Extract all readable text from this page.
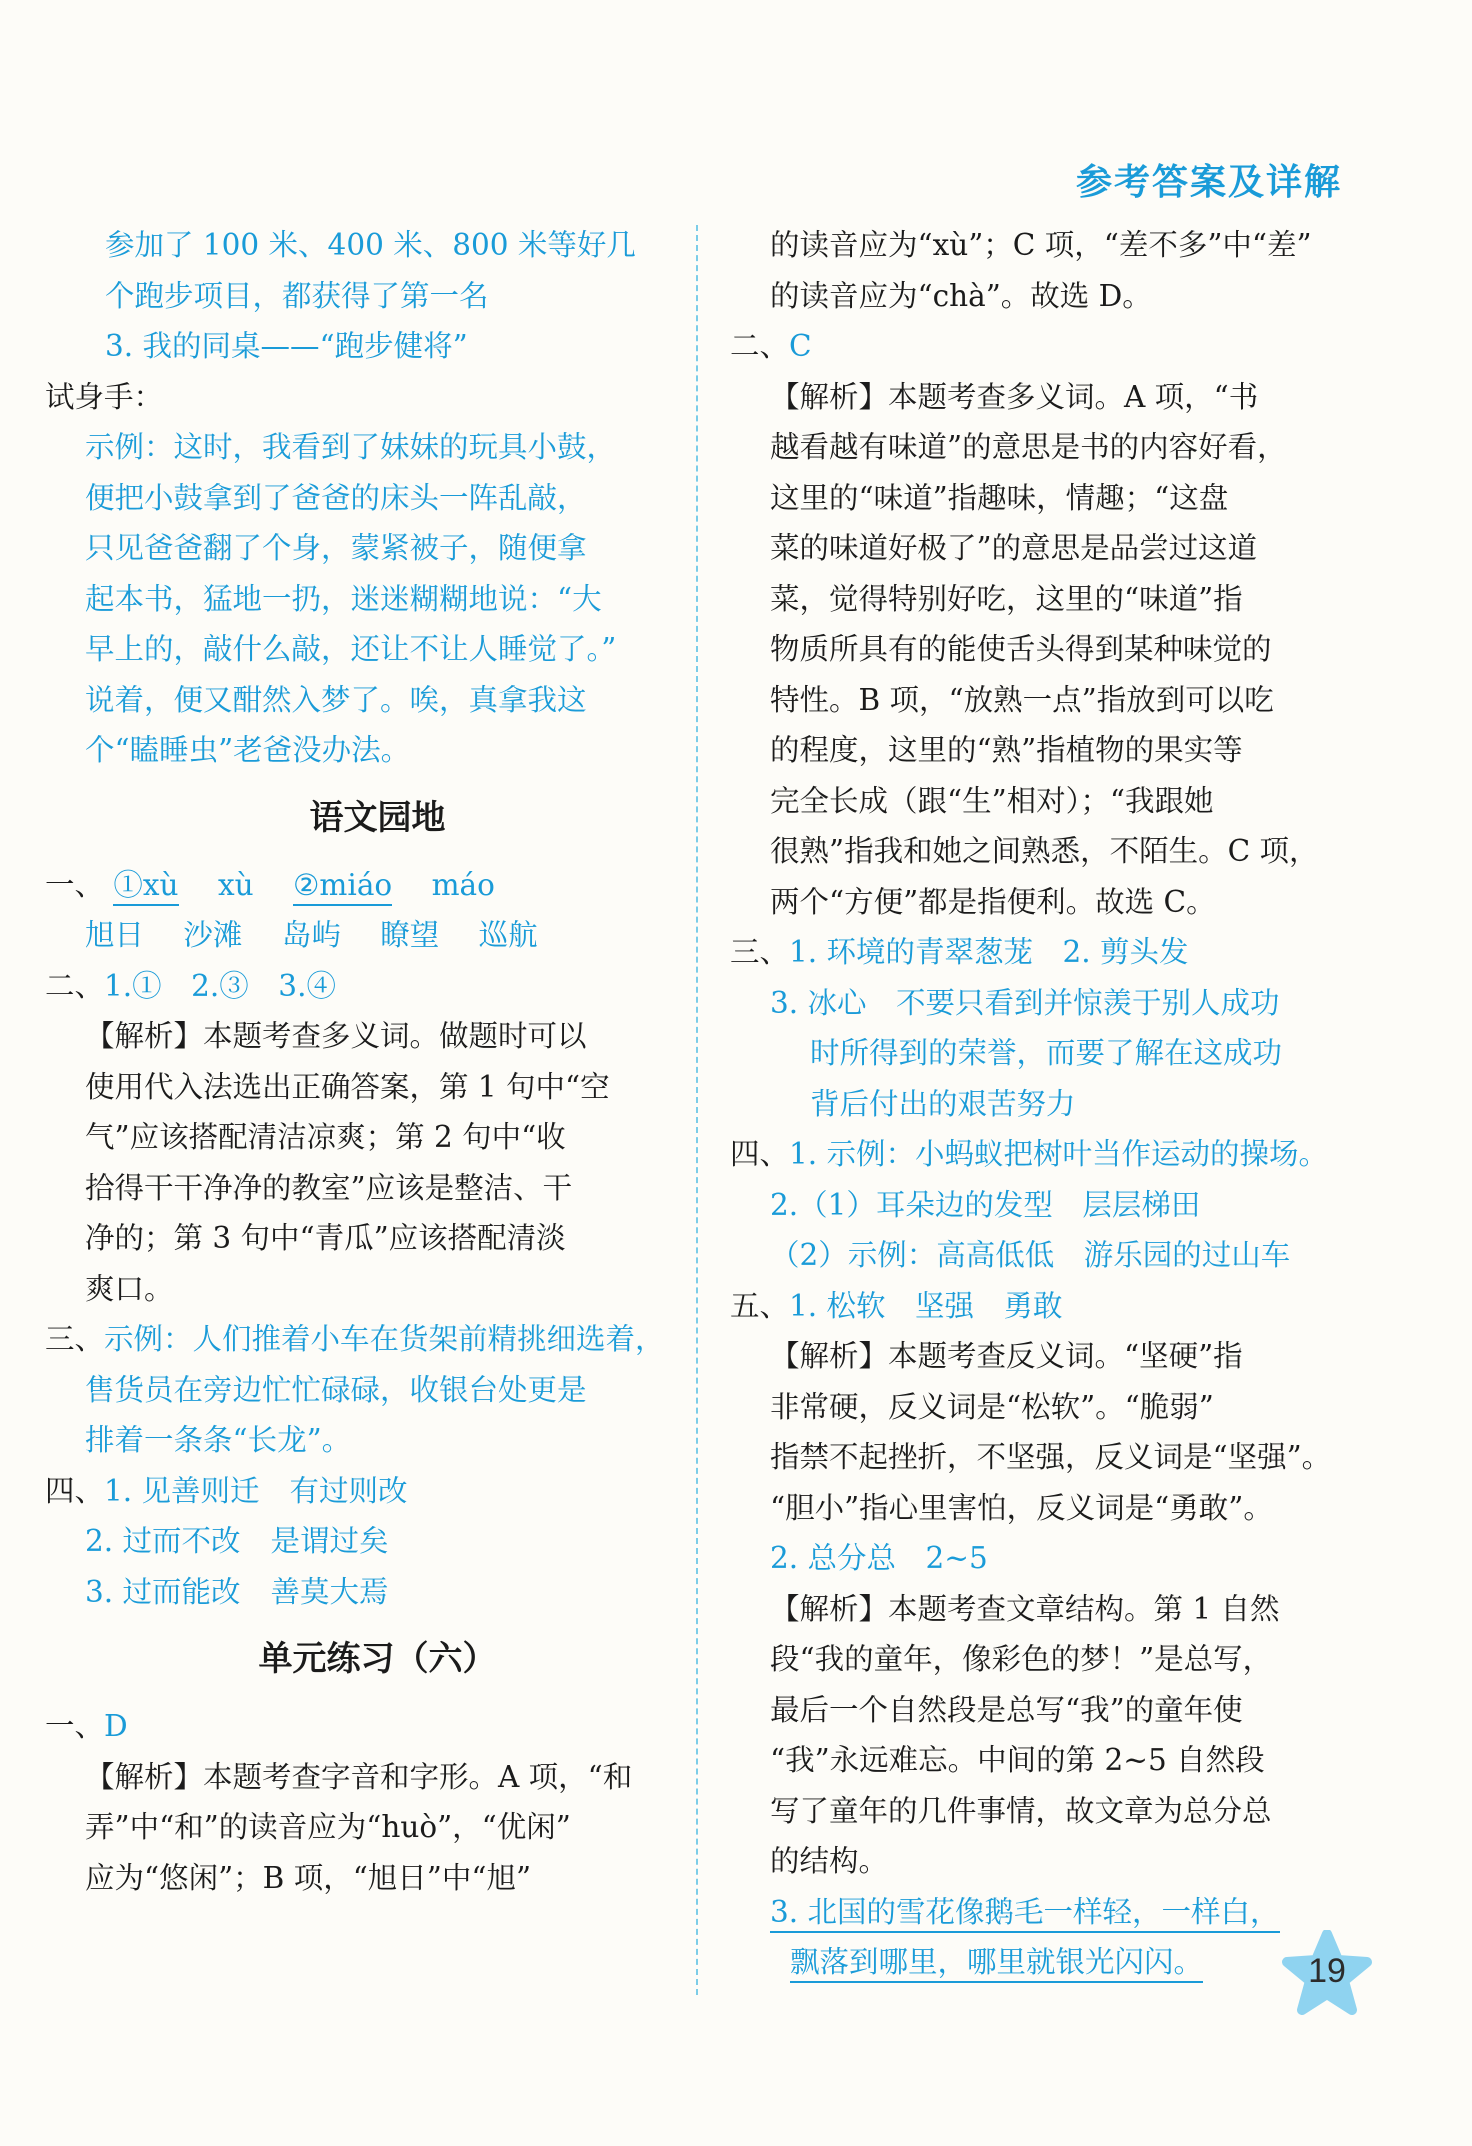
参考答案及详解
参加了 100 米、400 米、800 米等好几
个跑步项目，都获得了第一名
3. 我的同桌——“跑步健将”
试身手：
示例：这时，我看到了妹妹的玩具小鼓，
便把小鼓拿到了爸爸的床头一阵乱敲，
只见爸爸翻了个身，蒙紧被子，随便拿
起本书，猛地一扔，迷迷糊糊地说：“大
早上的，敲什么敲，还让不让人睡觉了。”
说着，便又酣然入梦了。唉，真拿我这
个“瞌睡虫”老爸没办法。
语文园地
一、 ①xù xù ②miáo máo
旭日 沙滩 岛屿 瞭望 巡航
二、1.①　2.③　3.④
【解析】本题考查多义词。做题时可以
使用代入法选出正确答案，第 1 句中“空
气”应该搭配清洁凉爽；第 2 句中“收
拾得干干净净的教室”应该是整洁、干
净的；第 3 句中“青瓜”应该搭配清淡
爽口。
三、示例：人们推着小车在货架前精挑细选着，
售货员在旁边忙忙碌碌，收银台处更是
排着一条条“长龙”。
四、1. 见善则迁 有过则改
2. 过而不改 是谓过矣
3. 过而能改 善莫大焉
单元练习（六）
一、D
【解析】本题考查字音和字形。A 项，“和
弄”中“和”的读音应为“huò”，“优闲”
应为“悠闲”；B 项，“旭日”中“旭”
的读音应为“xù”；C 项，“差不多”中“差”
的读音应为“chà”。故选 D。
二、C
【解析】本题考查多义词。A 项，“书
越看越有味道”的意思是书的内容好看，
这里的“味道”指趣味，情趣；“这盘
菜的味道好极了”的意思是品尝过这道
菜，觉得特别好吃，这里的“味道”指
物质所具有的能使舌头得到某种味觉的
特性。B 项，“放熟一点”指放到可以吃
的程度，这里的“熟”指植物的果实等
完全长成（跟“生”相对）；“我跟她
很熟”指我和她之间熟悉，不陌生。C 项，
两个“方便”都是指便利。故选 C。
三、1. 环境的青翠葱茏　2. 剪头发
3. 冰心　不要只看到并惊羡于别人成功
时所得到的荣誉，而要了解在这成功
背后付出的艰苦努力
四、1. 示例：小蚂蚁把树叶当作运动的操场。
2.（1）耳朵边的发型　层层梯田
（2）示例：高高低低　游乐园的过山车
五、1. 松软　坚强　勇敢
【解析】本题考查反义词。“坚硬”指
非常硬，反义词是“松软”。“脆弱”
指禁不起挫折，不坚强，反义词是“坚强”。
“胆小”指心里害怕，反义词是“勇敢”。
2. 总分总　2~5
【解析】本题考查文章结构。第 1 自然
段“我的童年，像彩色的梦！”是总写，
最后一个自然段是总写“我”的童年使
“我”永远难忘。中间的第 2~5 自然段
写了童年的几件事情，故文章为总分总
的结构。
3. 北国的雪花像鹅毛一样轻，一样白，
飘落到哪里，哪里就银光闪闪。	19
